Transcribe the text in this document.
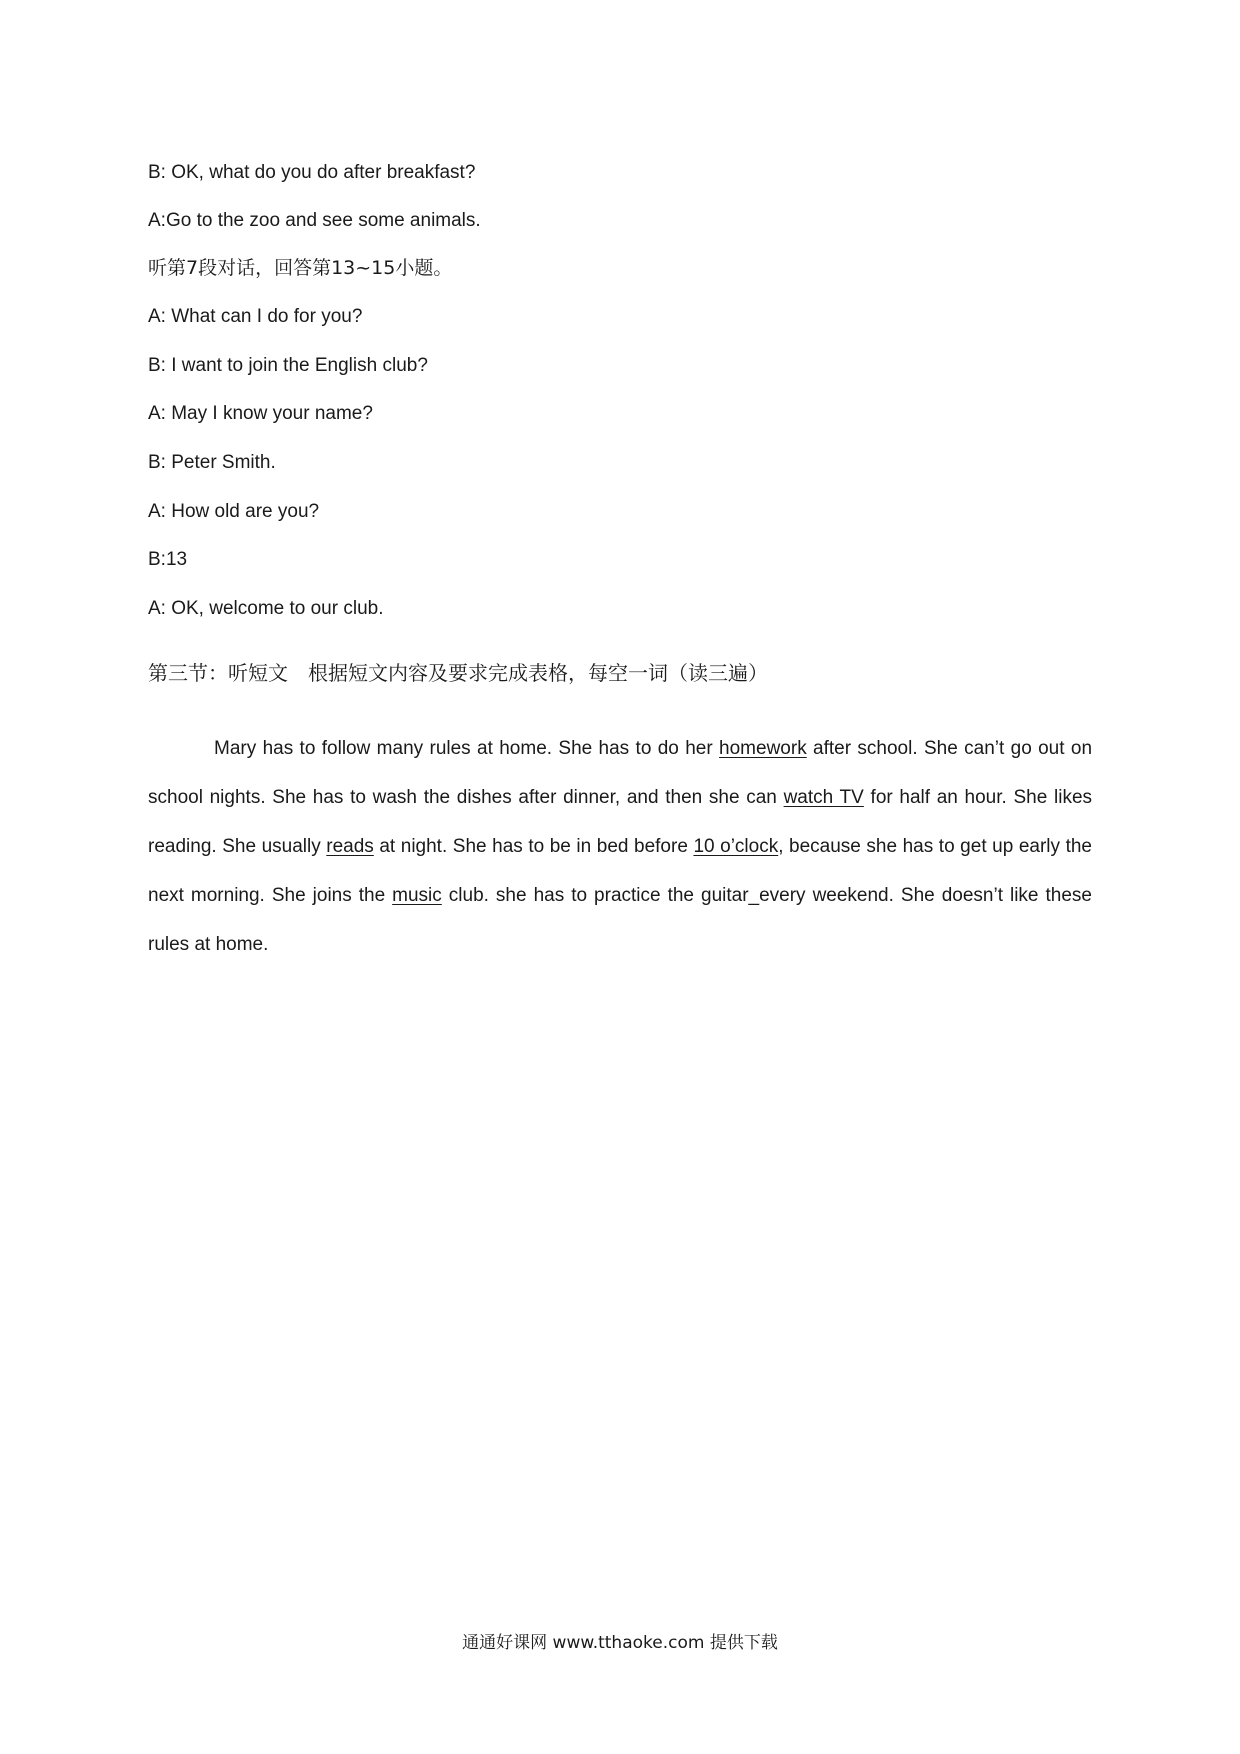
B: OK, what do you do after breakfast?
A:Go to the zoo and see some animals.
听第7段对话，回答第13~15小题。
A: What can I do for you?
B: I want to join the English club?
A: May I know your name?
B: Peter Smith.
A: How old are you?
B:13
A: OK, welcome to our club.
第三节：听短文　根据短文内容及要求完成表格，每空一词（读三遍）

Mary has to follow many rules at home. She has to do her homework after school. She can’t go out on school nights. She has to wash the dishes after dinner, and then she can watch TV for half an hour. She likes reading. She usually reads at night. She has to be in bed before 10 o’clock, because she has to get up early the next morning. She joins the music club. she has to practice the guitar_every weekend. She doesn’t like these rules at home.

通通好课网 www.tthaoke.com 提供下载
